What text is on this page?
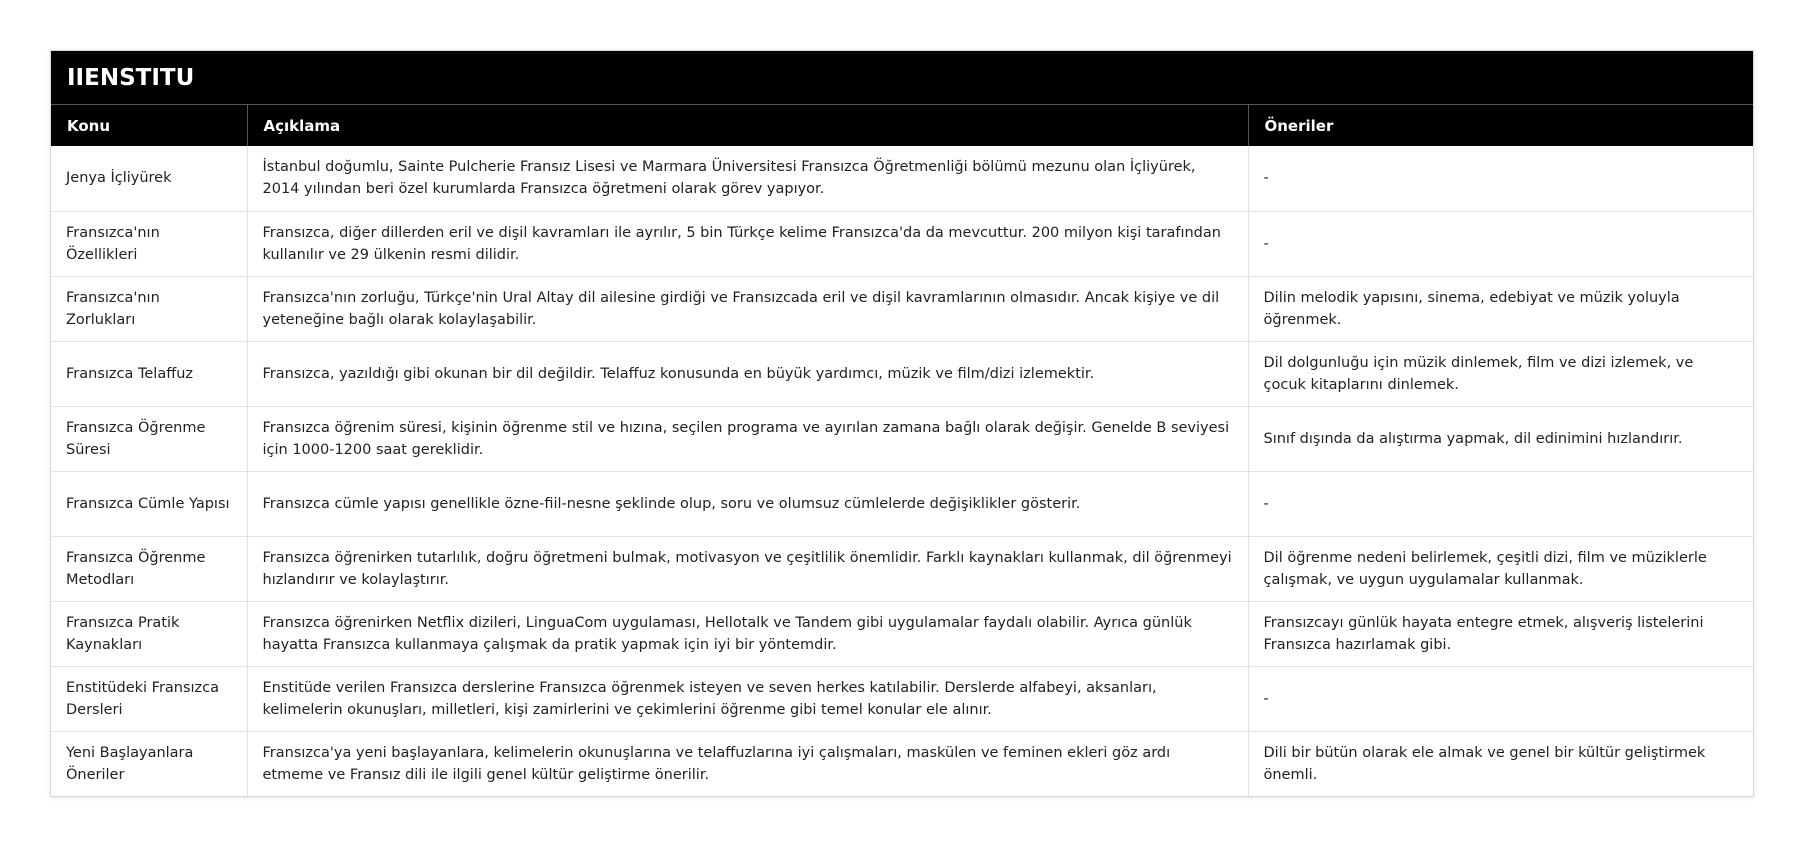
IIENSTITU
Konu	Açıklama	Öneriler
Jenya İçliyürek	İstanbul doğumlu, Sainte Pulcherie Fransız Lisesi ve Marmara Üniversitesi Fransızca Öğretmenliği bölümü mezunu olan İçliyürek, 2014 yılından beri özel kurumlarda Fransızca öğretmeni olarak görev yapıyor.	-
Fransızca'nın Özellikleri	Fransızca, diğer dillerden eril ve dişil kavramları ile ayrılır, 5 bin Türkçe kelime Fransızca'da da mevcuttur. 200 milyon kişi tarafından kullanılır ve 29 ülkenin resmi dilidir.	-
Fransızca'nın Zorlukları	Fransızca'nın zorluğu, Türkçe'nin Ural Altay dil ailesine girdiği ve Fransızcada eril ve dişil kavramlarının olmasıdır. Ancak kişiye ve dil yeteneğine bağlı olarak kolaylaşabilir.	Dilin melodik yapısını, sinema, edebiyat ve müzik yoluyla öğrenmek.
Fransızca Telaffuz	Fransızca, yazıldığı gibi okunan bir dil değildir. Telaffuz konusunda en büyük yardımcı, müzik ve film/dizi izlemektir.	Dil dolgunluğu için müzik dinlemek, film ve dizi izlemek, ve çocuk kitaplarını dinlemek.
Fransızca Öğrenme Süresi	Fransızca öğrenim süresi, kişinin öğrenme stil ve hızına, seçilen programa ve ayırılan zamana bağlı olarak değişir. Genelde B seviyesi için 1000-1200 saat gereklidir.	Sınıf dışında da alıştırma yapmak, dil edinimini hızlandırır.
Fransızca Cümle Yapısı	Fransızca cümle yapısı genellikle özne-fiil-nesne şeklinde olup, soru ve olumsuz cümlelerde değişiklikler gösterir.	-
Fransızca Öğrenme Metodları	Fransızca öğrenirken tutarlılık, doğru öğretmeni bulmak, motivasyon ve çeşitlilik önemlidir. Farklı kaynakları kullanmak, dil öğrenmeyi hızlandırır ve kolaylaştırır.	Dil öğrenme nedeni belirlemek, çeşitli dizi, film ve müziklerle çalışmak, ve uygun uygulamalar kullanmak.
Fransızca Pratik Kaynakları	Fransızca öğrenirken Netflix dizileri, LinguaCom uygulaması, Hellotalk ve Tandem gibi uygulamalar faydalı olabilir. Ayrıca günlük hayatta Fransızca kullanmaya çalışmak da pratik yapmak için iyi bir yöntemdir.	Fransızcayı günlük hayata entegre etmek, alışveriş listelerini Fransızca hazırlamak gibi.
Enstitüdeki Fransızca Dersleri	Enstitüde verilen Fransızca derslerine Fransızca öğrenmek isteyen ve seven herkes katılabilir. Derslerde alfabeyi, aksanları, kelimelerin okunuşları, milletleri, kişi zamirlerini ve çekimlerini öğrenme gibi temel konular ele alınır.	-
Yeni Başlayanlara Öneriler	Fransızca'ya yeni başlayanlara, kelimelerin okunuşlarına ve telaffuzlarına iyi çalışmaları, maskülen ve feminen ekleri göz ardı etmeme ve Fransız dili ile ilgili genel kültür geliştirme önerilir.	Dili bir bütün olarak ele almak ve genel bir kültür geliştirmek önemli.
